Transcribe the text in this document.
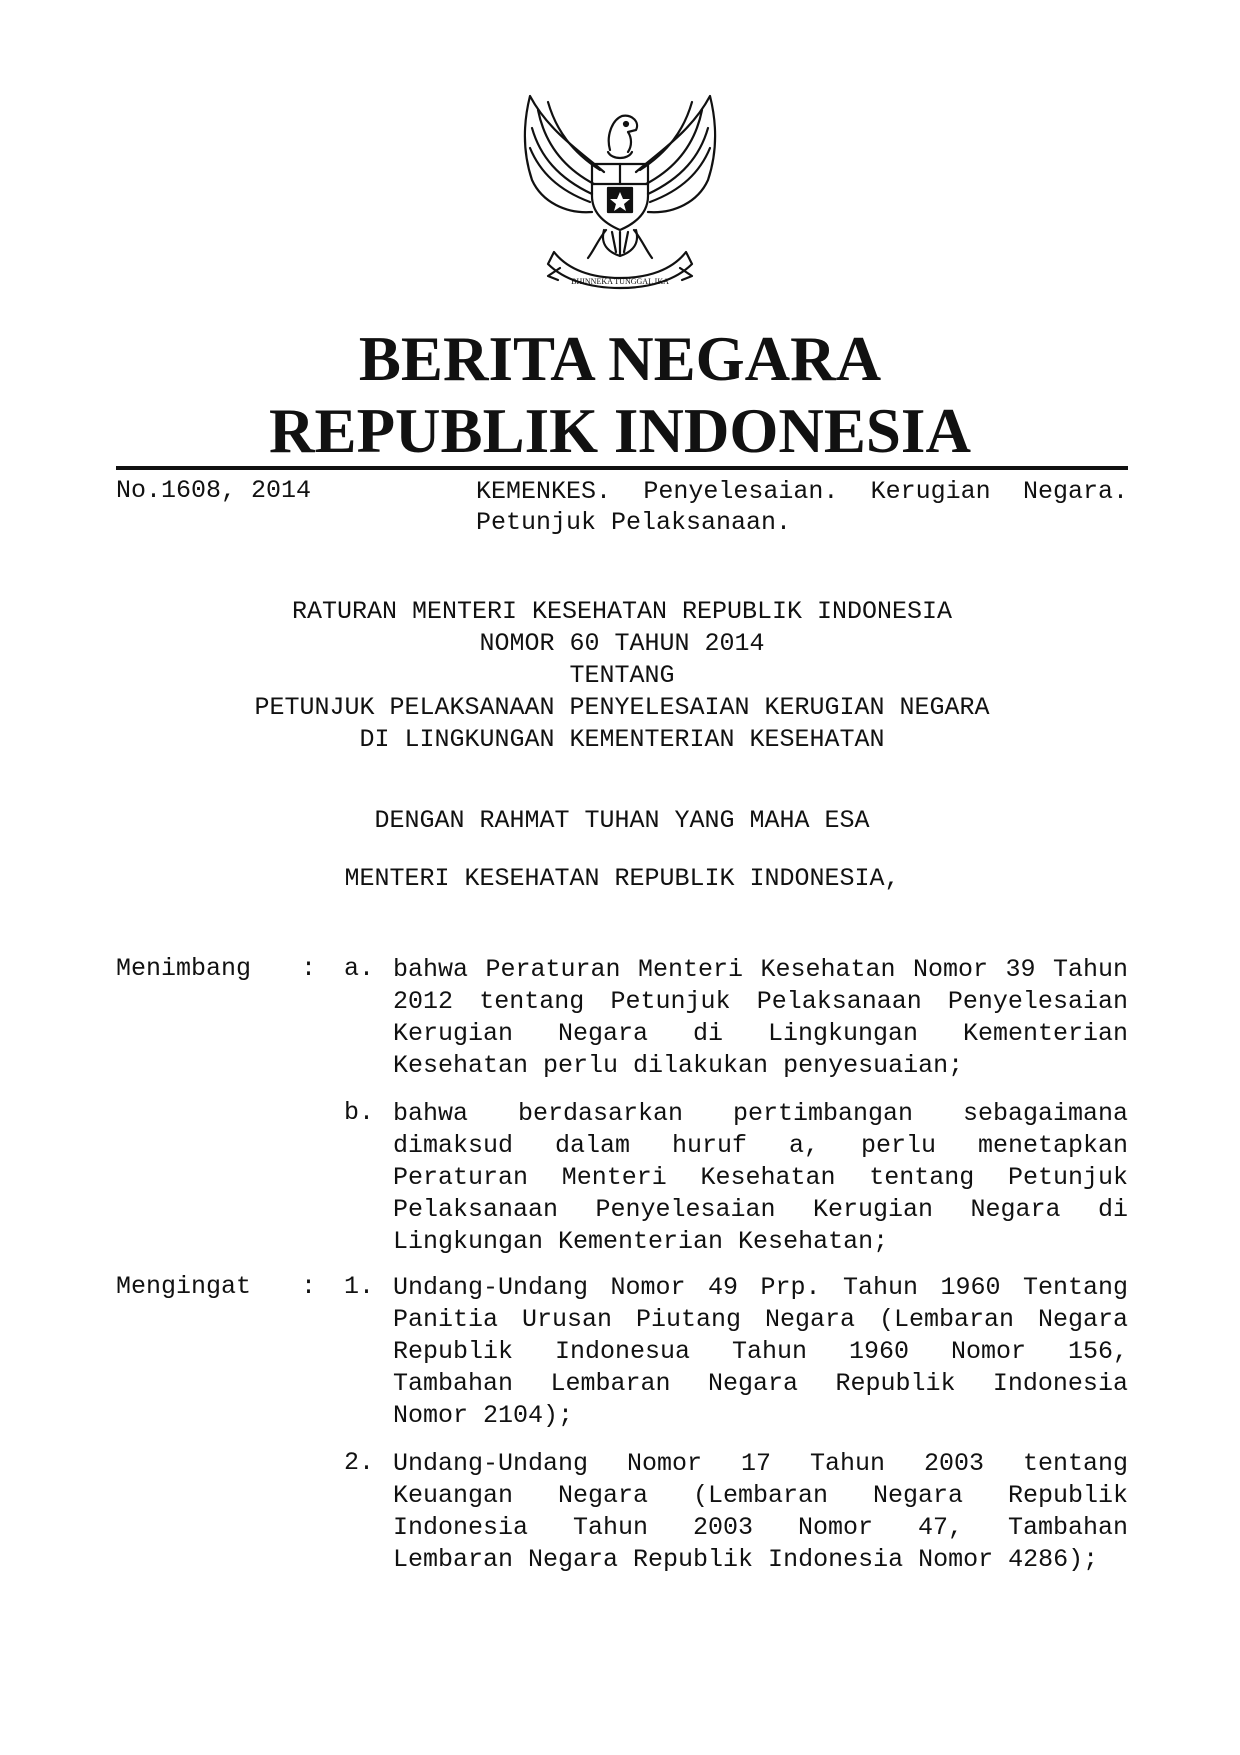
BHINNEKA TUNGGAL IKA
BERITA NEGARA
REPUBLIK INDONESIA
No.1608, 2014	KEMENKES. Penyelesaian. Kerugian Negara.
Petunjuk Pelaksanaan.
RATURAN MENTERI KESEHATAN REPUBLIK INDONESIA
NOMOR 60 TAHUN 2014
TENTANG
PETUNJUK PELAKSANAAN PENYELESAIAN KERUGIAN NEGARA
DI LINGKUNGAN KEMENTERIAN KESEHATAN
DENGAN RAHMAT TUHAN YANG MAHA ESA
MENTERI KESEHATAN REPUBLIK INDONESIA,
Menimbang : a. bahwa Peraturan Menteri Kesehatan Nomor 39 Tahun
2012 tentang Petunjuk Pelaksanaan Penyelesaian
Kerugian Negara di Lingkungan Kementerian
Kesehatan perlu dilakukan penyesuaian;
b. bahwa berdasarkan pertimbangan sebagaimana
dimaksud dalam huruf a, perlu menetapkan
Peraturan Menteri Kesehatan tentang Petunjuk
Pelaksanaan Penyelesaian Kerugian Negara di
Lingkungan Kementerian Kesehatan;
Mengingat : 1. Undang-Undang Nomor 49 Prp. Tahun 1960 Tentang
Panitia Urusan Piutang Negara (Lembaran Negara
Republik Indonesua Tahun 1960 Nomor 156,
Tambahan Lembaran Negara Republik Indonesia
Nomor 2104);
2. Undang-Undang Nomor 17 Tahun 2003 tentang
Keuangan Negara (Lembaran Negara Republik
Indonesia Tahun 2003 Nomor 47, Tambahan
Lembaran Negara Republik Indonesia Nomor 4286);
